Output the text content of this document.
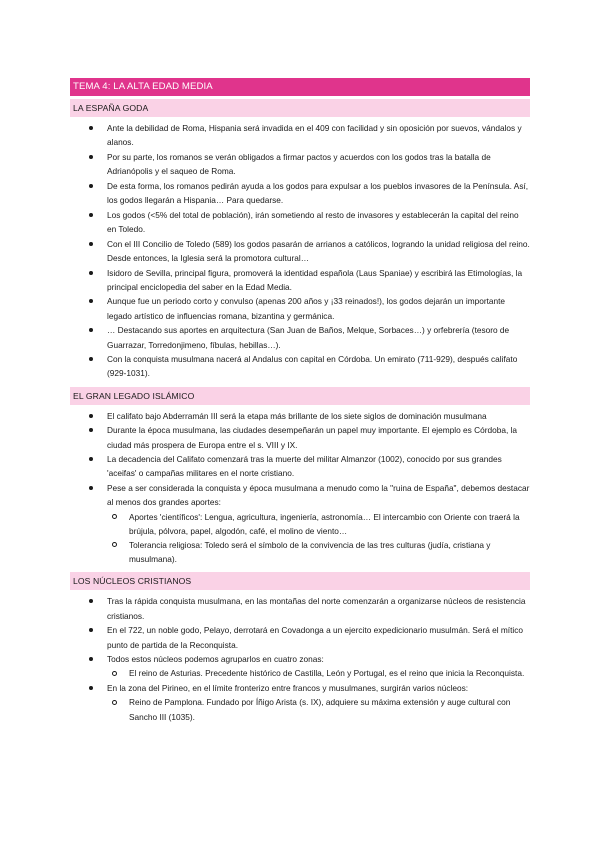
TEMA 4: LA ALTA EDAD MEDIA
LA ESPAÑA GODA
Ante la debilidad de Roma, Hispania será invadida en el 409 con facilidad y sin oposición por suevos, vándalos y alanos.
Por su parte, los romanos se verán obligados a firmar pactos y acuerdos con los godos tras la batalla de Adrianópolis y el saqueo de Roma.
De esta forma, los romanos pedirán ayuda a los godos para expulsar a los pueblos invasores de la Península. Así, los godos llegarán a Hispania… Para quedarse.
Los godos (<5% del total de población), irán sometiendo al resto de invasores y establecerán la capital del reino en Toledo.
Con el III Concilio de Toledo (589) los godos pasarán de arrianos a católicos, logrando la unidad religiosa del reino. Desde entonces, la Iglesia será la promotora cultural…
Isidoro de Sevilla, principal figura, promoverá la identidad española (Laus Spaniae) y escribirá las Etimologías, la principal enciclopedia del saber en la Edad Media.
Aunque fue un periodo corto y convulso (apenas 200 años y ¡33 reinados!), los godos dejarán un importante legado artístico de influencias romana, bizantina y germánica.
… Destacando sus aportes en arquitectura (San Juan de Baños, Melque, Sorbaces…) y orfebrería (tesoro de Guarrazar, Torredonjimeno, fíbulas, hebillas…).
Con la conquista musulmana nacerá al Andalus con capital en Córdoba. Un emirato (711-929), después califato (929-1031).
EL GRAN LEGADO ISLÁMICO
El califato bajo Abderramán III será la etapa más brillante de los siete siglos de dominación musulmana
Durante la época musulmana, las ciudades desempeñarán un papel muy importante. El ejemplo es Córdoba, la ciudad más prospera de Europa entre el s. VIII y IX.
La decadencia del Califato comenzará tras la muerte del militar Almanzor (1002), conocido por sus grandes 'aceifas' o campañas militares en el norte cristiano.
Pese a ser considerada la conquista y época musulmana a menudo como la "ruina de España", debemos destacar al menos dos grandes aportes:
Aportes 'científicos': Lengua, agricultura, ingeniería, astronomía… El intercambio con Oriente con traerá la brújula, pólvora, papel, algodón, café, el molino de viento…
Tolerancia religiosa: Toledo será el símbolo de la convivencia de las tres culturas (judía, cristiana y musulmana).
LOS NÚCLEOS CRISTIANOS
Tras la rápida conquista musulmana, en las montañas del norte comenzarán a organizarse núcleos de resistencia cristianos.
En el 722, un noble godo, Pelayo, derrotará en Covadonga a un ejercito expedicionario musulmán. Será el mítico punto de partida de la Reconquista.
Todos estos núcleos podemos agruparlos en cuatro zonas:
El reino de Asturias. Precedente histórico de Castilla, León y Portugal, es el reino que inicia la Reconquista.
En la zona del Pirineo, en el límite fronterizo entre francos y musulmanes, surgirán varios núcleos:
Reino de Pamplona. Fundado por Íñigo Arista (s. IX), adquiere su máxima extensión y auge cultural con Sancho III (1035).
